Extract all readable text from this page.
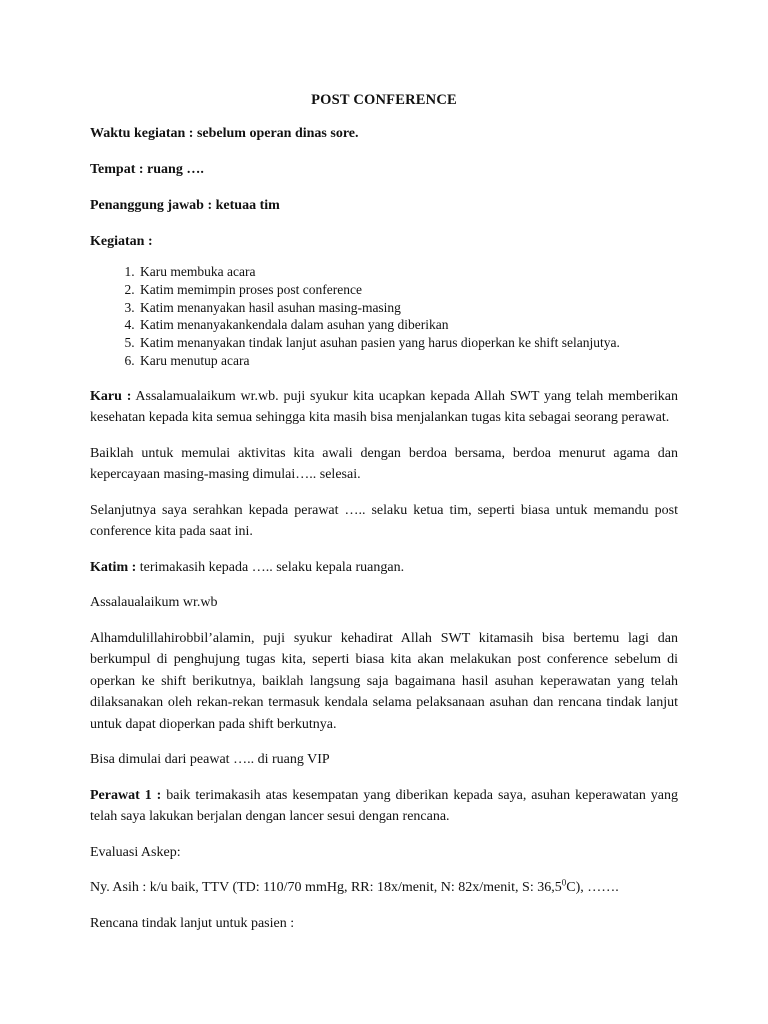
POST CONFERENCE
Waktu kegiatan : sebelum operan dinas sore.
Tempat : ruang ….
Penanggung jawab : ketuaa tim
Kegiatan :
1. Karu membuka acara
2. Katim memimpin proses post conference
3. Katim menanyakan hasil asuhan masing-masing
4. Katim menanyakankendala dalam asuhan yang diberikan
5. Katim menanyakan tindak lanjut asuhan pasien yang harus dioperkan ke shift selanjutya.
6. Karu menutup acara

Karu : Assalamualaikum wr.wb. puji syukur kita ucapkan kepada Allah SWT yang telah memberikan kesehatan kepada kita semua sehingga kita masih bisa menjalankan tugas kita sebagai seorang perawat.

Baiklah untuk memulai aktivitas kita awali dengan berdoa bersama, berdoa menurut agama dan kepercayaan masing-masing dimulai….. selesai.

Selanjutnya saya serahkan kepada perawat ….. selaku ketua tim, seperti biasa untuk memandu post conference kita pada saat ini.

Katim : terimakasih kepada ….. selaku kepala ruangan.

Assalaualaikum wr.wb

Alhamdulillahirobbil’alamin, puji syukur kehadirat Allah SWT kitamasih bisa bertemu lagi dan berkumpul di penghujung tugas kita, seperti biasa kita akan melakukan post conference sebelum di operkan ke shift berikutnya, baiklah langsung saja bagaimana hasil asuhan keperawatan yang telah dilaksanakan oleh rekan-rekan termasuk kendala selama pelaksanaan asuhan dan rencana tindak lanjut untuk dapat dioperkan pada shift berkutnya.

Bisa dimulai dari peawat ….. di ruang VIP

Perawat 1 : baik terimakasih atas kesempatan yang diberikan kepada saya, asuhan keperawatan yang telah saya lakukan berjalan dengan lancer sesui dengan rencana.

Evaluasi Askep:

Ny. Asih : k/u baik, TTV (TD: 110/70 mmHg, RR: 18x/menit, N: 82x/menit, S: 36,5$^0$C), …….

Rencana tindak lanjut untuk pasien :
